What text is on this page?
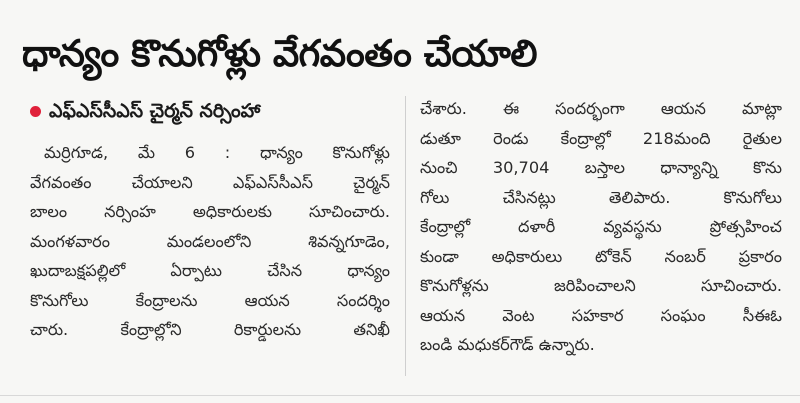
ధాన్యం కొనుగోళ్లు వేగవంతం చేయాలి
ఎఫ్ఎస్‌సీఎస్ చైర్మన్ నర్సింహా
మర్రిగూడ, మే 6 : ధాన్యం కొనుగోళ్లు
వేగవంతం చేయాలని ఎఫ్ఎస్‌సీఎస్ చైర్మన్
బాలం నర్సింహ అధికారులకు సూచించారు.
మంగళవారం మండలంలోని శివన్నగూడెం,
ఖుదాబక్షపల్లిలో ఏర్పాటు చేసిన ధాన్యం
కొనుగోలు కేంద్రాలను ఆయన సందర్శిం
చారు. కేంద్రాల్లోని రికార్డులను తనిఖీ
చేశారు. ఈ సందర్భంగా ఆయన మాట్లా
డుతూ రెండు కేంద్రాల్లో 218మంది రైతుల
నుంచి 30,704 బస్తాల ధాన్యాన్ని కొను
గోలు చేసినట్లు తెలిపారు. కొనుగోలు
కేంద్రాల్లో దళారీ వ్యవస్థను ప్రోత్సహించ
కుండా అధికారులు టోకెన్ నంబర్ ప్రకారం
కొనుగోళ్లను జరిపించాలని సూచించారు.
ఆయన వెంట సహకార సంఘం సీఈఓ
బండి మధుకర్‌గౌడ్ ఉన్నారు.
